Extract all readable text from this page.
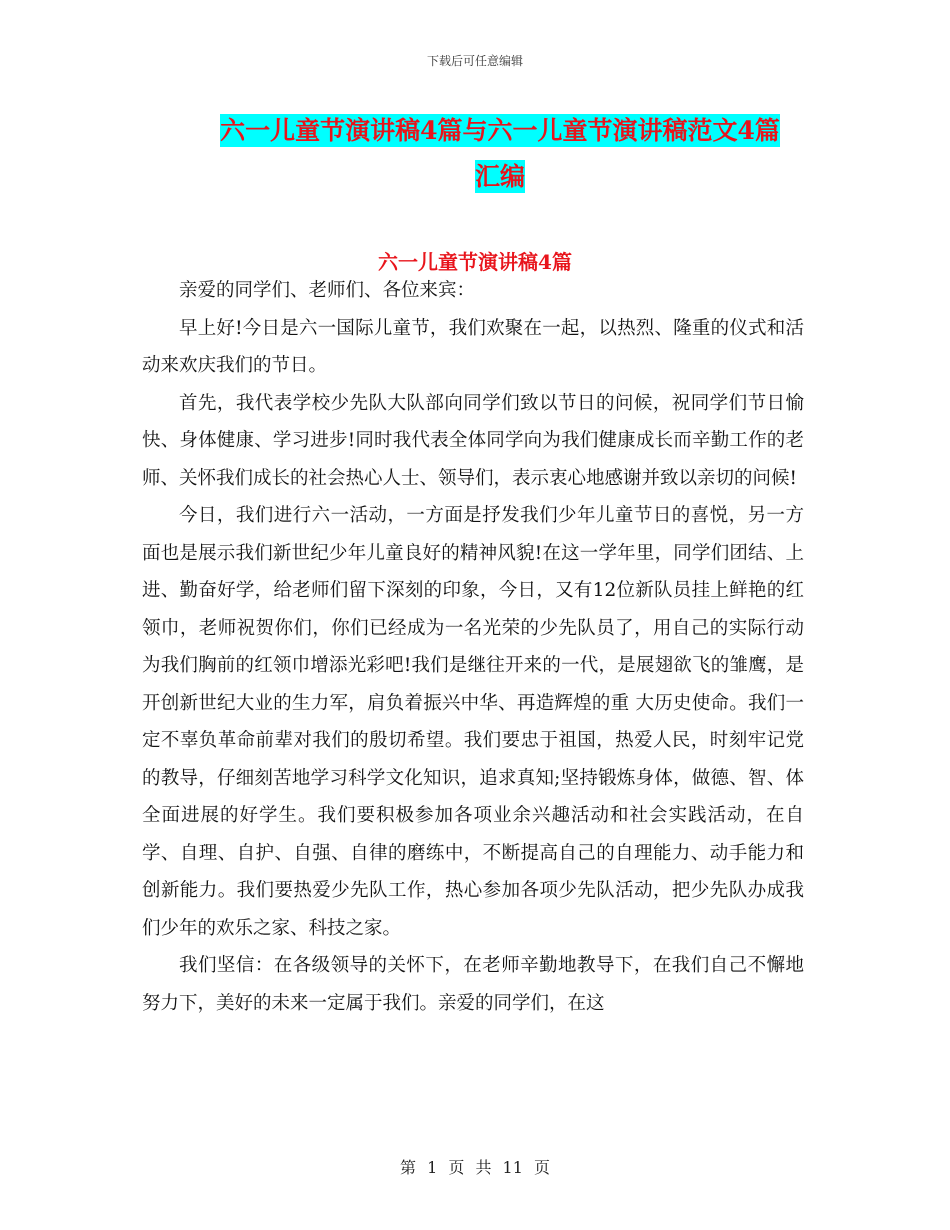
下载后可任意编辑
六一儿童节演讲稿4篇与六一儿童节演讲稿范文4篇
汇编
六一儿童节演讲稿4篇

亲爱的同学们、老师们、各位来宾：

早上好!今日是六一国际儿童节，我们欢聚在一起，以热烈、隆重的仪式和活动来欢庆我们的节日。

首先，我代表学校少先队大队部向同学们致以节日的问候，祝同学们节日愉快、身体健康、学习进步!同时我代表全体同学向为我们健康成长而辛勤工作的老师、关怀我们成长的社会热心人士、领导们，表示衷心地感谢并致以亲切的问候!

今日，我们进行六一活动，一方面是抒发我们少年儿童节日的喜悦，另一方面也是展示我们新世纪少年儿童良好的精神风貌!在这一学年里，同学们团结、上进、勤奋好学，给老师们留下深刻的印象，今日，又有12位新队员挂上鲜艳的红领巾，老师祝贺你们，你们已经成为一名光荣的少先队员了，用自己的实际行动为我们胸前的红领巾增添光彩吧!我们是继往开来的一代，是展翅欲飞的雏鹰，是开创新世纪大业的生力军，肩负着振兴中华、再造辉煌的重 大历史使命。我们一定不辜负革命前辈对我们的殷切希望。我们要忠于祖国，热爱人民，时刻牢记党的教导，仔细刻苦地学习科学文化知识，追求真知;坚持锻炼身体，做德、智、体全面进展的好学生。我们要积极参加各项业余兴趣活动和社会实践活动，在自学、自理、自护、自强、自律的磨练中，不断提高自己的自理能力、动手能力和创新能力。我们要热爱少先队工作，热心参加各项少先队活动，把少先队办成我们少年的欢乐之家、科技之家。

我们坚信：在各级领导的关怀下，在老师辛勤地教导下，在我们自己不懈地努力下，美好的未来一定属于我们。亲爱的同学们，在这

第 1 页 共 11 页
